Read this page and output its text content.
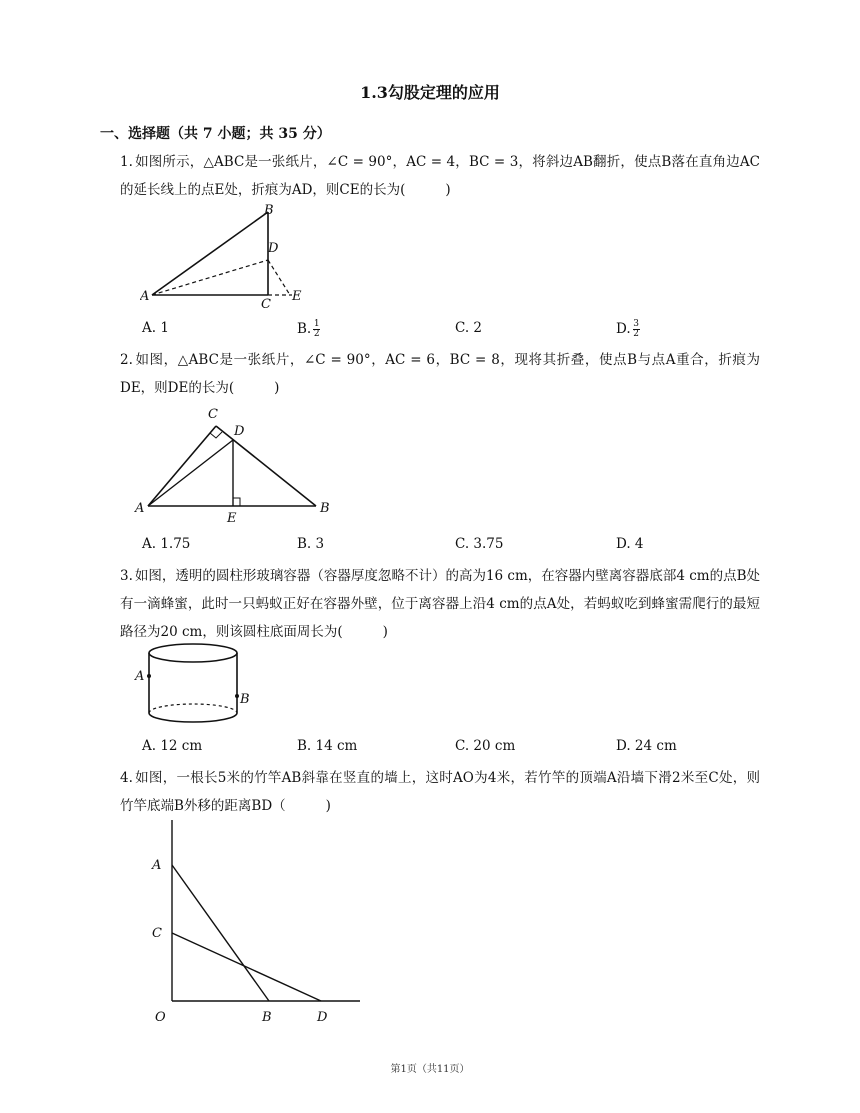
1.3勾股定理的应用
一、选择题（共 7 小题；共 35 分）
1. 如图所示，△ABC是一张纸片，∠C = 90°，AC = 4，BC = 3，将斜边AB翻折，使点B落在直角边AC的延长线上的点E处，折痕为AD，则CE的长为(	)
B
D
A
C
E
A. 1	B. $\frac{1}{2}$	C. 2	D. $\frac{3}{2}$
2. 如图，△ABC是一张纸片，∠C = 90°，AC = 6，BC = 8，现将其折叠，使点B与点A重合，折痕为DE，则DE的长为(	)
C
D
A
E
B
A. 1.75	B. 3	C. 3.75	D. 4
3. 如图，透明的圆柱形玻璃容器（容器厚度忽略不计）的高为16 cm，在容器内壁离容器底部4 cm的点B处有一滴蜂蜜，此时一只蚂蚁正好在容器外壁，位于离容器上沿4 cm的点A处，若蚂蚁吃到蜂蜜需爬行的最短路径为20 cm，则该圆柱底面周长为(	)
A
B
A. 12 cm	B. 14 cm	C. 20 cm	D. 24 cm
4. 如图，一根长5米的竹竿AB斜靠在竖直的墙上，这时AO为4米，若竹竿的顶端A沿墙下滑2米至C处，则竹竿底端B外移的距离BD（	)
A
C
O	B	D
第1页（共11页）
